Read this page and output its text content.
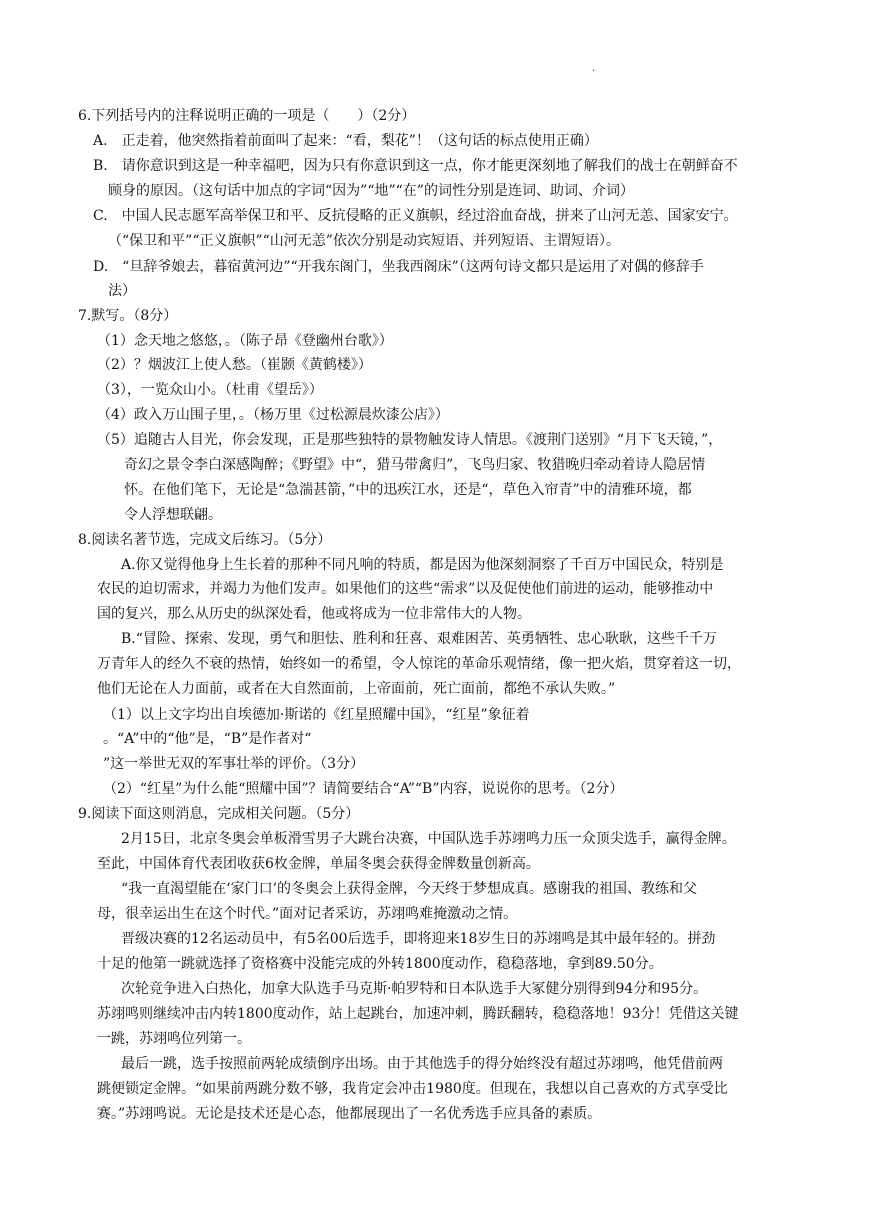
·
6.下列括号内的注释说明正确的一项是（　　）（2分）
A.　正走着，他突然指着前面叫了起来：“看，梨花”！（这句话的标点使用正确）
B.　请你意识到这是一种幸福吧，因为只有你意识到这一点，你才能更深刻地了解我们的战士在朝鲜奋不
顾身的原因。（这句话中加点的字词“因为”“地”“在”的词性分别是连词、助词、介词）
C.　中国人民志愿军高举保卫和平、反抗侵略的正义旗帜，经过浴血奋战，拼来了山河无恙、国家安宁。
（“保卫和平”“正义旗帜”“山河无恙”依次分别是动宾短语、并列短语、主谓短语）。
D.　“旦辞爷娘去，暮宿黄河边”“开我东阁门，坐我西阁床”（这两句诗文都只是运用了对偶的修辞手
法）
7.默写。（8分）
（1）念天地之悠悠，。（陈子昂《登幽州台歌》）
（2）？烟波江上使人愁。（崔颢《黄鹤楼》）
（3），一览众山小。（杜甫《望岳》）
（4）政入万山围子里，。（杨万里《过松源晨炊漆公店》）
（5）追随古人目光，你会发现，正是那些独特的景物触发诗人情思。《渡荆门送别》“月下飞天镜，”，
奇幻之景令李白深感陶醉；《野望》中“，猎马带禽归”，飞鸟归家、牧猎晚归牵动着诗人隐居情
怀。在他们笔下，无论是“急湍甚箭，”中的迅疾江水，还是“，草色入帘青”中的清雅环境，都
令人浮想联翩。
8.阅读名著节选，完成文后练习。（5分）
A.你又觉得他身上生长着的那种不同凡响的特质，都是因为他深刻洞察了千百万中国民众，特别是
农民的迫切需求，并竭力为他们发声。如果他们的这些“需求”以及促使他们前进的运动，能够推动中
国的复兴，那么从历史的纵深处看，他或将成为一位非常伟大的人物。
B.“冒险、探索、发现，勇气和胆怯、胜利和狂喜、艰难困苦、英勇牺牲、忠心耿耿，这些千千万
万青年人的经久不衰的热情，始终如一的希望，令人惊诧的革命乐观情绪，像一把火焰，贯穿着这一切，
他们无论在人力面前，或者在大自然面前，上帝面前，死亡面前，都绝不承认失败。”
（1）以上文字均出自埃德加·斯诺的《红星照耀中国》，“红星”象征着
。“A”中的“他”是，“B”是作者对“
”这一举世无双的军事壮举的评价。（3分）
（2）“红星”为什么能“照耀中国”？请简要结合“A”“B”内容，说说你的思考。（2分）
9.阅读下面这则消息，完成相关问题。（5分）
2月15日，北京冬奥会单板滑雪男子大跳台决赛，中国队选手苏翊鸣力压一众顶尖选手，赢得金牌。
至此，中国体育代表团收获6枚金牌，单届冬奥会获得金牌数量创新高。
“我一直渴望能在‘家门口’的冬奥会上获得金牌，今天终于梦想成真。感谢我的祖国、教练和父
母，很幸运出生在这个时代。”面对记者采访，苏翊鸣难掩激动之情。
晋级决赛的12名运动员中，有5名00后选手，即将迎来18岁生日的苏翊鸣是其中最年轻的。拼劲
十足的他第一跳就选择了资格赛中没能完成的外转1800度动作，稳稳落地，拿到89.50分。
次轮竞争进入白热化，加拿大队选手马克斯·帕罗特和日本队选手大冢健分别得到94分和95分。
苏翊鸣则继续冲击内转1800度动作，站上起跳台，加速冲刺，腾跃翻转，稳稳落地！93分！凭借这关键
一跳，苏翊鸣位列第一。
最后一跳，选手按照前两轮成绩倒序出场。由于其他选手的得分始终没有超过苏翊鸣，他凭借前两
跳便锁定金牌。“如果前两跳分数不够，我肯定会冲击1980度。但现在，我想以自己喜欢的方式享受比
赛。”苏翊鸣说。无论是技术还是心态，他都展现出了一名优秀选手应具备的素质。
